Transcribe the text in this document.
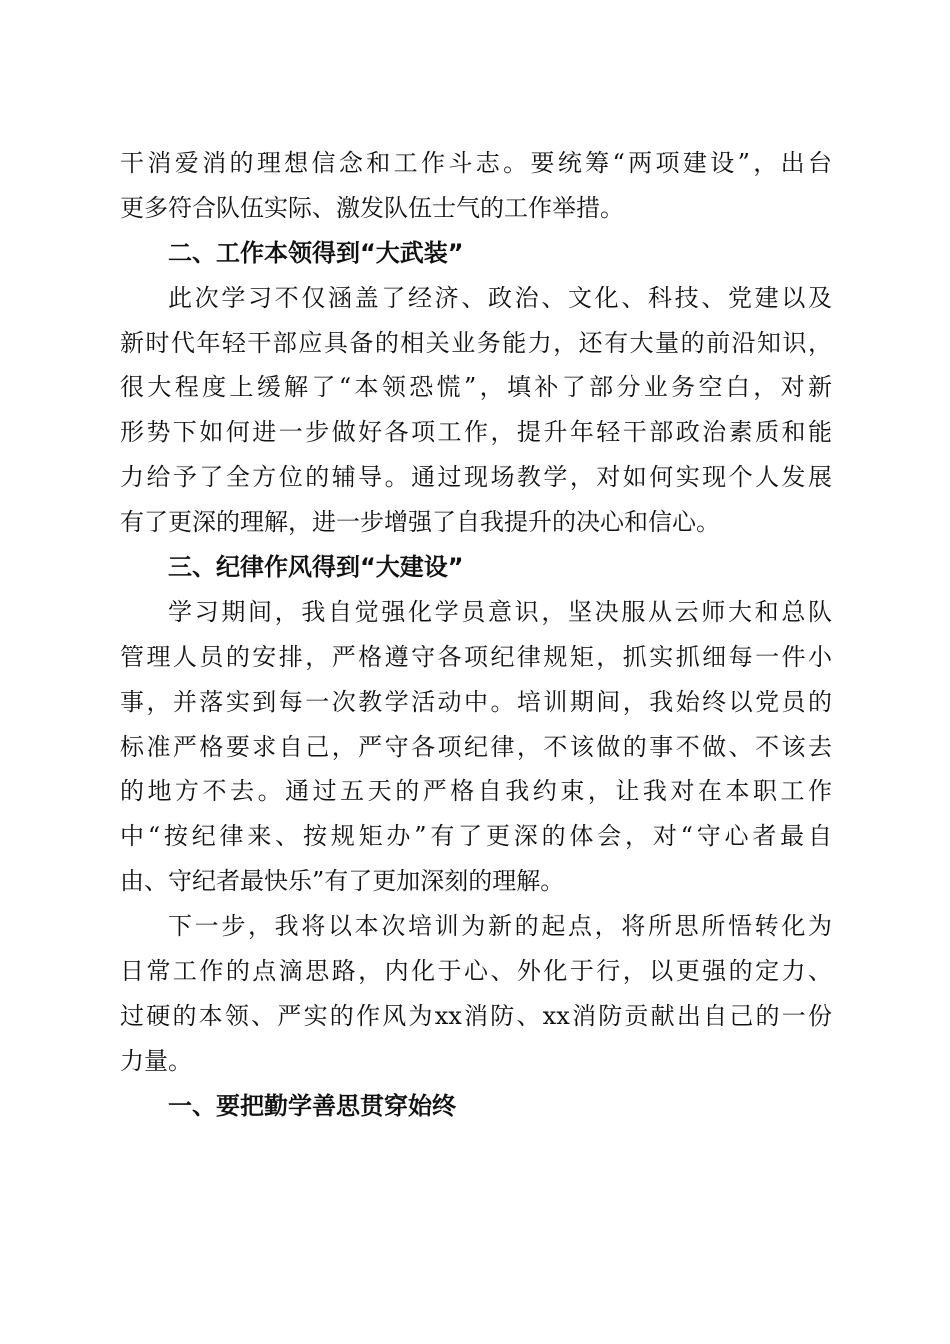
干消爱消的理想信念和工作斗志。要统筹“两项建设”，出台
更多符合队伍实际、激发队伍士气的工作举措。
二、工作本领得到“大武装”
此次学习不仅涵盖了经济、政治、文化、科技、党建以及
新时代年轻干部应具备的相关业务能力，还有大量的前沿知识，
很大程度上缓解了“本领恐慌”，填补了部分业务空白，对新
形势下如何进一步做好各项工作，提升年轻干部政治素质和能
力给予了全方位的辅导。通过现场教学，对如何实现个人发展
有了更深的理解，进一步增强了自我提升的决心和信心。
三、纪律作风得到“大建设”
学习期间，我自觉强化学员意识，坚决服从云师大和总队
管理人员的安排，严格遵守各项纪律规矩，抓实抓细每一件小
事，并落实到每一次教学活动中。培训期间，我始终以党员的
标准严格要求自己，严守各项纪律，不该做的事不做、不该去
的地方不去。通过五天的严格自我约束，让我对在本职工作
中“按纪律来、按规矩办”有了更深的体会，对“守心者最自
由、守纪者最快乐”有了更加深刻的理解。
下一步，我将以本次培训为新的起点，将所思所悟转化为
日常工作的点滴思路，内化于心、外化于行，以更强的定力、
过硬的本领、严实的作风为xx消防、xx消防贡献出自己的一份
力量。
一、要把勤学善思贯穿始终
